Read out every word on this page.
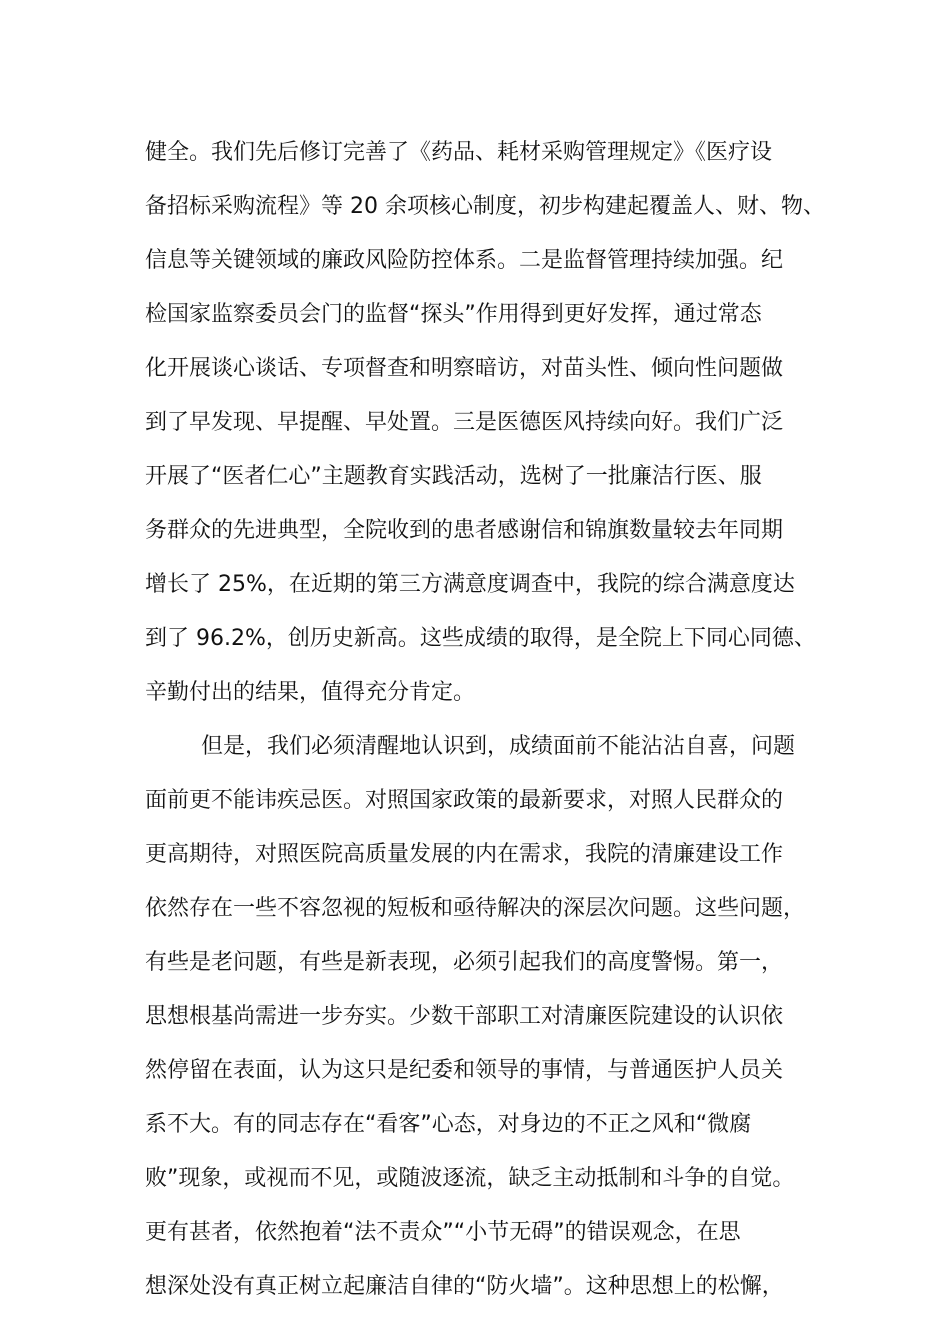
健全。我们先后修订完善了《药品、耗材采购管理规定》《医疗设
备招标采购流程》等 20 余项核心制度，初步构建起覆盖人、财、物、
信息等关键领域的廉政风险防控体系。二是监督管理持续加强。纪
检国家监察委员会门的监督“探头”作用得到更好发挥，通过常态
化开展谈心谈话、专项督查和明察暗访，对苗头性、倾向性问题做
到了早发现、早提醒、早处置。三是医德医风持续向好。我们广泛
开展了“医者仁心”主题教育实践活动，选树了一批廉洁行医、服
务群众的先进典型，全院收到的患者感谢信和锦旗数量较去年同期
增长了 25%，在近期的第三方满意度调查中，我院的综合满意度达
到了 96.2%，创历史新高。这些成绩的取得，是全院上下同心同德、
辛勤付出的结果，值得充分肯定。
但是，我们必须清醒地认识到，成绩面前不能沾沾自喜，问题
面前更不能讳疾忌医。对照国家政策的最新要求，对照人民群众的
更高期待，对照医院高质量发展的内在需求，我院的清廉建设工作
依然存在一些不容忽视的短板和亟待解决的深层次问题。这些问题，
有些是老问题，有些是新表现，必须引起我们的高度警惕。第一，
思想根基尚需进一步夯实。少数干部职工对清廉医院建设的认识依
然停留在表面，认为这只是纪委和领导的事情，与普通医护人员关
系不大。有的同志存在“看客”心态，对身边的不正之风和“微腐
败”现象，或视而不见，或随波逐流，缺乏主动抵制和斗争的自觉。
更有甚者，依然抱着“法不责众”“小节无碍”的错误观念，在思
想深处没有真正树立起廉洁自律的“防火墙”。这种思想上的松懈，
